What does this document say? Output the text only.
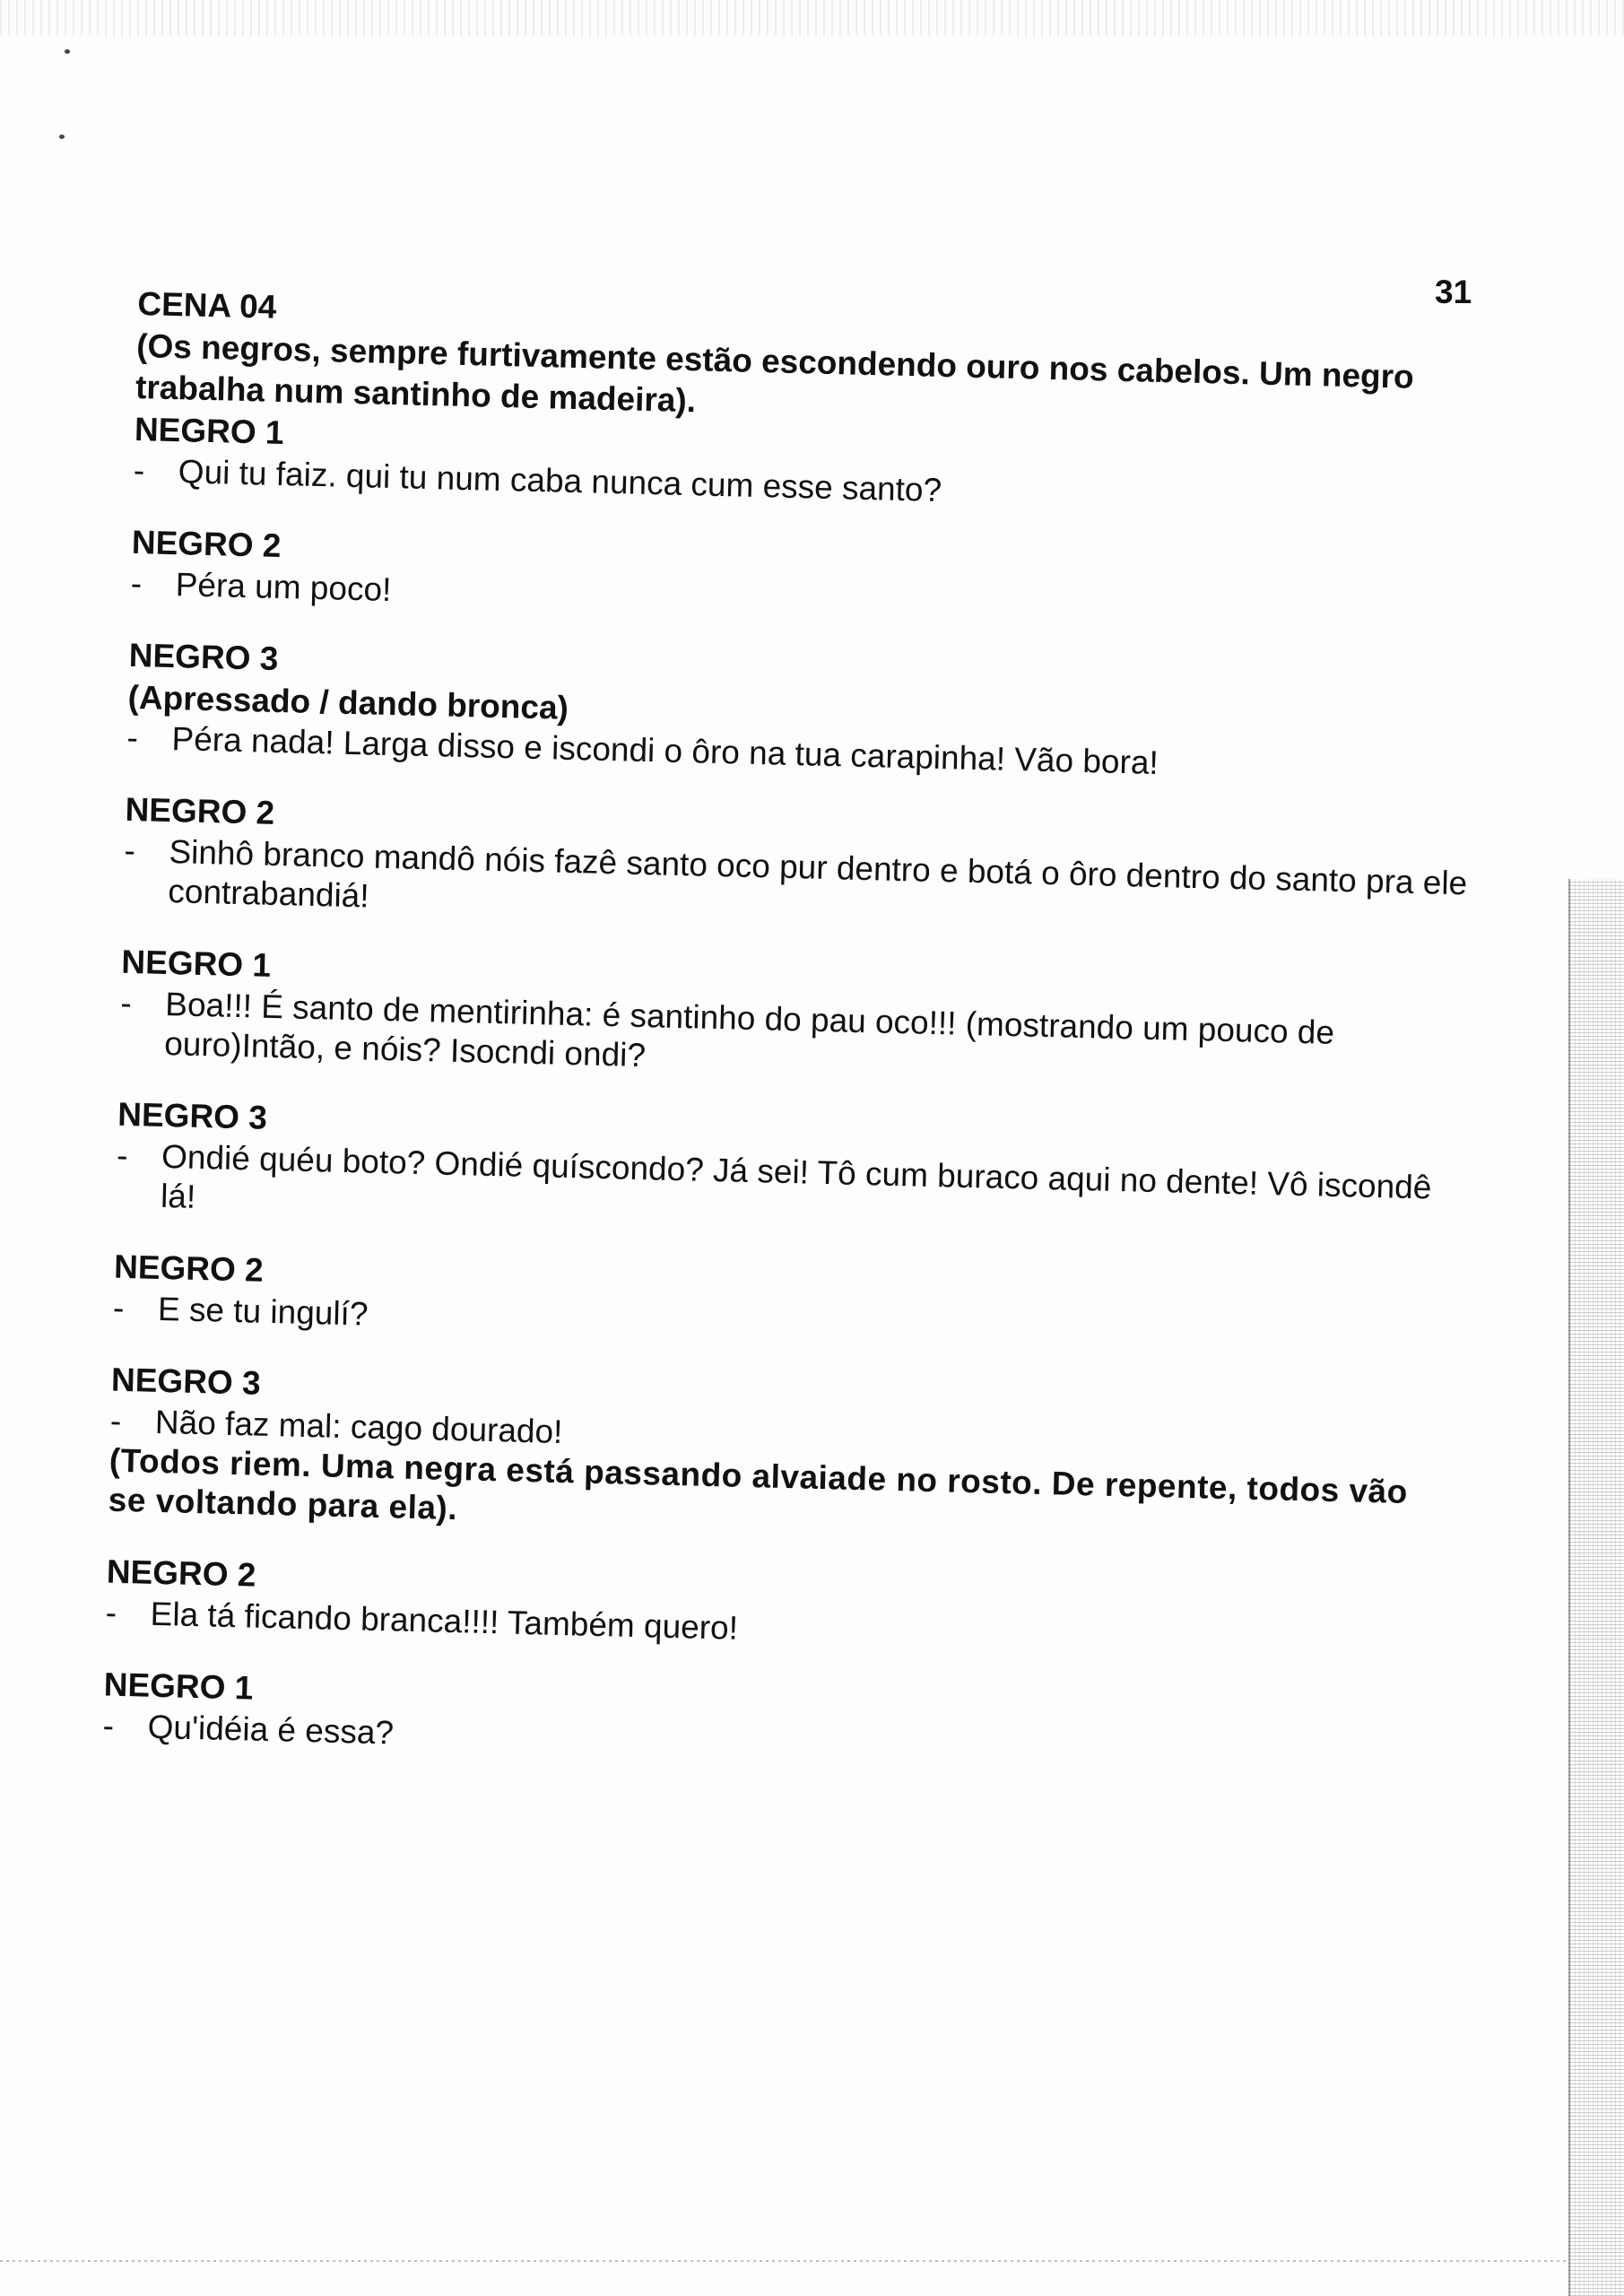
31
CENA 04

(Os negros, sempre furtivamente estão escondendo ouro nos cabelos. Um negro trabalha num santinho de madeira).

NEGRO 1

- Qui tu faiz. qui tu num caba nunca cum esse santo?

NEGRO 2

- Péra um poco!

NEGRO 3

(Apressado / dando bronca)

- Péra nada! Larga disso e iscondi o ôro na tua carapinha! Vão bora!

NEGRO 2

- Sinhô branco mandô nóis fazê santo oco pur dentro e botá o ôro dentro do santo pra ele contrabandiá!

NEGRO 1

- Boa!!! É santo de mentirinha: é santinho do pau oco!!! (mostrando um pouco de ouro)Intão, e nóis? Isocndi ondi?

NEGRO 3

- Ondié quéu boto? Ondié quíscondo? Já sei! Tô cum buraco aqui no dente! Vô iscondê lá!

NEGRO 2

- E se tu ingulí?

NEGRO 3

- Não faz mal: cago dourado!

(Todos riem. Uma negra está passando alvaiade no rosto. De repente, todos vão se voltando para ela).

NEGRO 2

- Ela tá ficando branca!!!! Também quero!

NEGRO 1

- Qu'idéia é essa?
